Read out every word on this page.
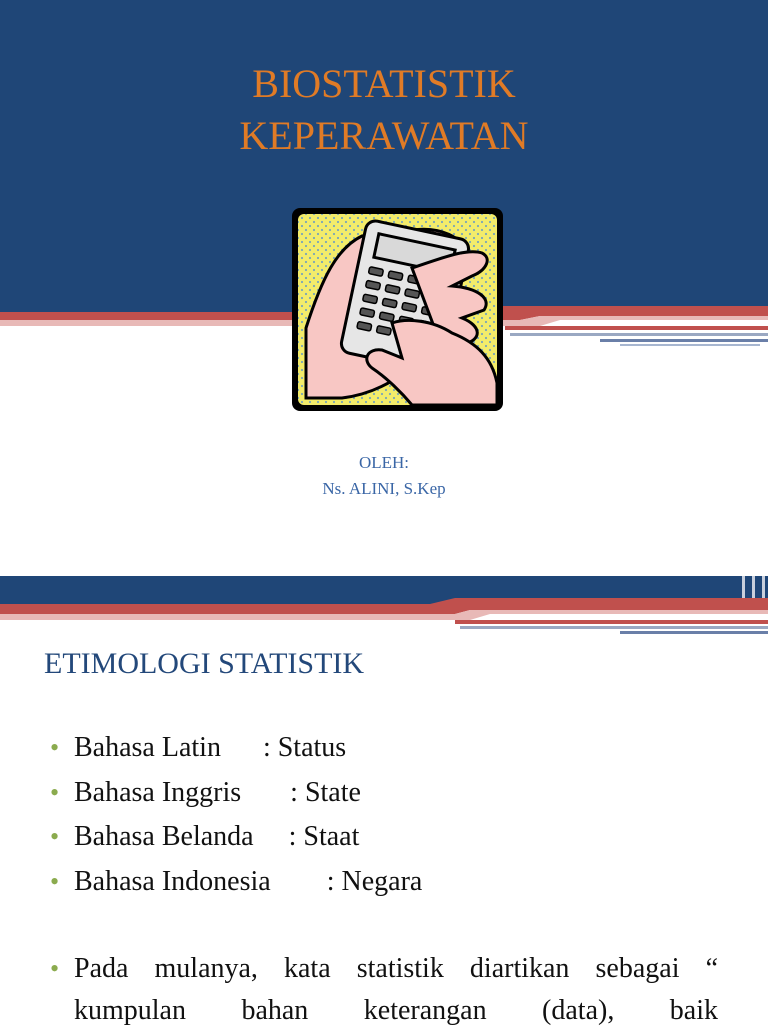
BIOSTATISTIK
KEPERAWATAN
OLEH:
Ns. ALINI, S.Kep
ETIMOLOGI STATISTIK
• Bahasa Latin      : Status
• Bahasa Inggris       : State
• Bahasa Belanda     : Staat
• Bahasa Indonesia        : Negara
• Pada mulanya, kata statistik diartikan sebagai “ kumpulan bahan keterangan (data), baik
